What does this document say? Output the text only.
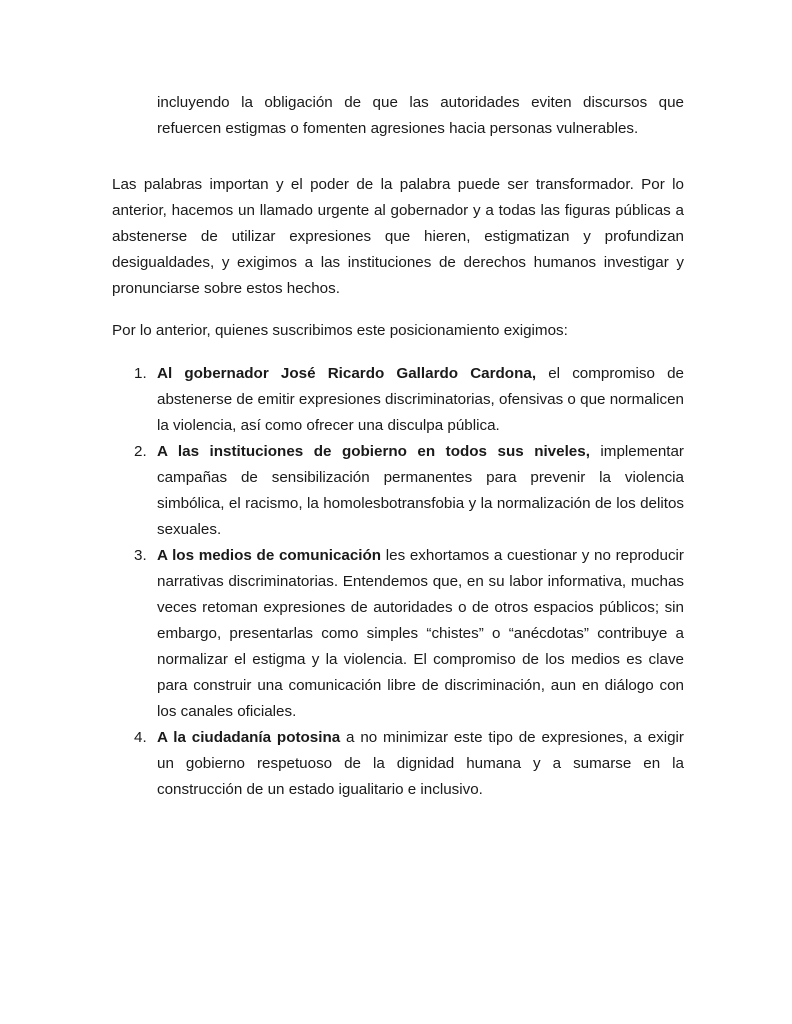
incluyendo la obligación de que las autoridades eviten discursos que refuercen estigmas o fomenten agresiones hacia personas vulnerables.

Las palabras importan y el poder de la palabra puede ser transformador. Por lo anterior, hacemos un llamado urgente al gobernador y a todas las figuras públicas a abstenerse de utilizar expresiones que hieren, estigmatizan y profundizan desigualdades, y exigimos a las instituciones de derechos humanos investigar y pronunciarse sobre estos hechos.

Por lo anterior, quienes suscribimos este posicionamiento exigimos:

1. Al gobernador José Ricardo Gallardo Cardona, el compromiso de abstenerse de emitir expresiones discriminatorias, ofensivas o que normalicen la violencia, así como ofrecer una disculpa pública.
2. A las instituciones de gobierno en todos sus niveles, implementar campañas de sensibilización permanentes para prevenir la violencia simbólica, el racismo, la homolesbotransfobia y la normalización de los delitos sexuales.
3. A los medios de comunicación les exhortamos a cuestionar y no reproducir narrativas discriminatorias. Entendemos que, en su labor informativa, muchas veces retoman expresiones de autoridades o de otros espacios públicos; sin embargo, presentarlas como simples “chistes” o “anécdotas” contribuye a normalizar el estigma y la violencia. El compromiso de los medios es clave para construir una comunicación libre de discriminación, aun en diálogo con los canales oficiales.
4. A la ciudadanía potosina a no minimizar este tipo de expresiones, a exigir un gobierno respetuoso de la dignidad humana y a sumarse en la construcción de un estado igualitario e inclusivo.
